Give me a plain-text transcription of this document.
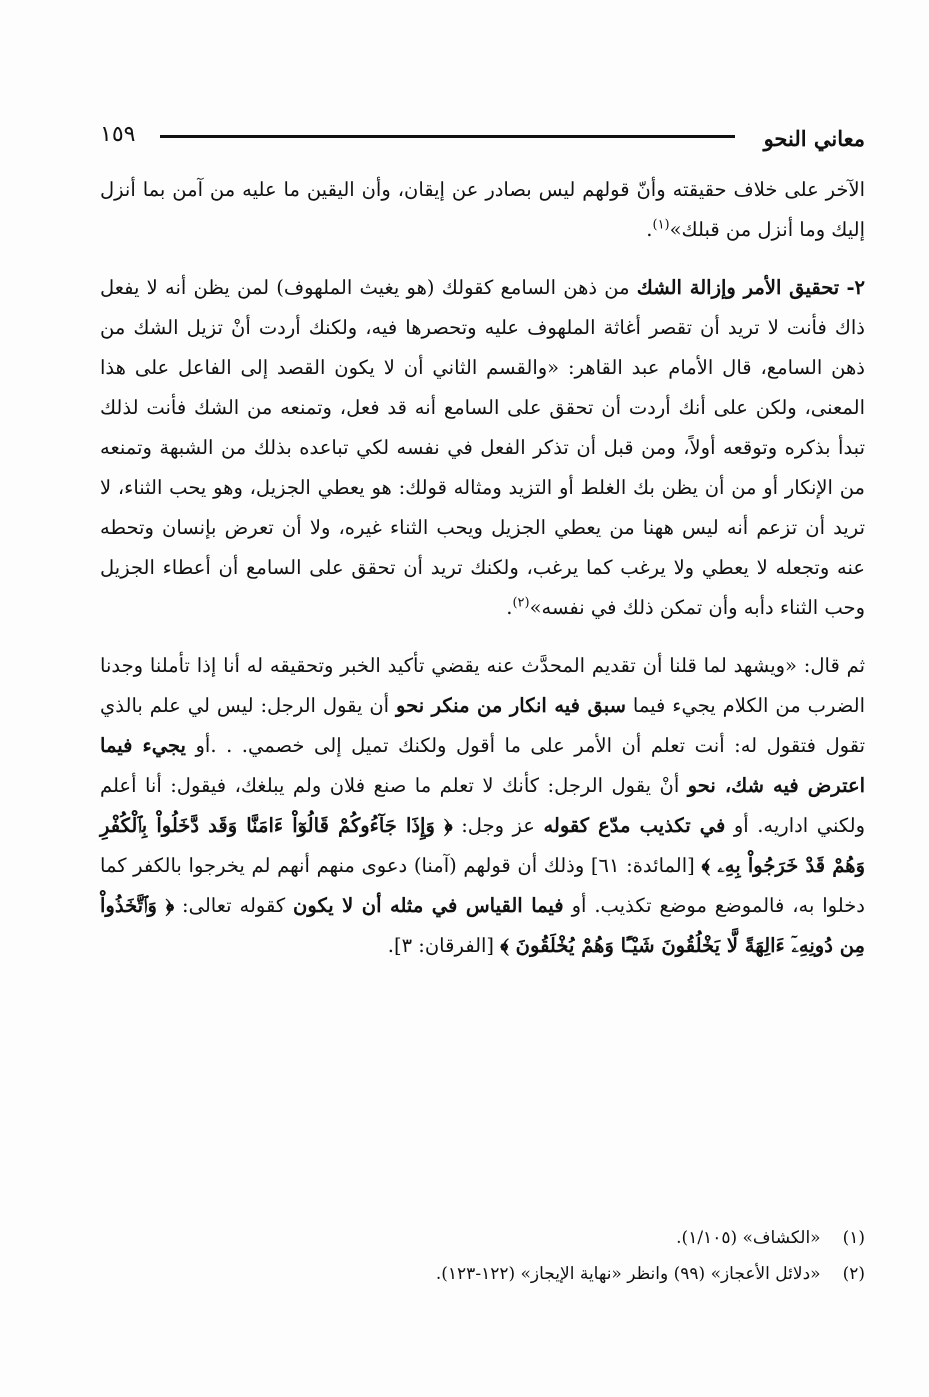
معاني النحو
١٥٩

الآخر على خلاف حقيقته وأنّ قولهم ليس بصادر عن إيقان، وأن اليقين ما عليه من آمن بما أنزل إليك وما أنزل من قبلك»$^{(١)}$.

٢- تحقيق الأمر وإزالة الشك من ذهن السامع كقولك (هو يغيث الملهوف) لمن يظن أنه لا يفعل ذاك فأنت لا تريد أن تقصر أغاثة الملهوف عليه وتحصرها فيه، ولكنك أردت أنْ تزيل الشك من ذهن السامع، قال الأمام عبد القاهر: «والقسم الثاني أن لا يكون القصد إلى الفاعل على هذا المعنى، ولكن على أنك أردت أن تحقق على السامع أنه قد فعل، وتمنعه من الشك فأنت لذلك تبدأ بذكره وتوقعه أولاً، ومن قبل أن تذكر الفعل في نفسه لكي تباعده بذلك من الشبهة وتمنعه من الإنكار أو من أن يظن بك الغلط أو التزيد ومثاله قولك: هو يعطي الجزيل، وهو يحب الثناء، لا تريد أن تزعم أنه ليس ههنا من يعطي الجزيل ويحب الثناء غيره، ولا أن تعرض بإنسان وتحطه عنه وتجعله لا يعطي ولا يرغب كما يرغب، ولكنك تريد أن تحقق على السامع أن أعطاء الجزيل وحب الثناء دأبه وأن تمكن ذلك في نفسه»$^{(٢)}$.

ثم قال: «ويشهد لما قلنا أن تقديم المحدَّث عنه يقضي تأكيد الخبر وتحقيقه له أنا إذا تأملنا وجدنا الضرب من الكلام يجيء فيما سبق فيه انكار من منكر نحو أن يقول الرجل: ليس لي علم بالذي تقول فتقول له: أنت تعلم أن الأمر على ما أقول ولكنك تميل إلى خصمي. . .أو يجيء فيما اعترض فيه شك، نحو أنْ يقول الرجل: كأنك لا تعلم ما صنع فلان ولم يبلغك، فيقول: أنا أعلم ولكني اداريه. أو في تكذيب مدّع كقوله عز وجل: ﴿ وَإِذَا جَآءُوكُمْ قَالُوٓاْ ءَامَنَّا وَقَد دَّخَلُواْ بِٱلْكُفْرِ وَهُمْ قَدْ خَرَجُواْ بِهِۦ ﴾ [المائدة: ٦١] وذلك أن قولهم (آمنا) دعوى منهم أنهم لم يخرجوا بالكفر كما دخلوا به، فالموضع موضع تكذيب. أو فيما القياس في مثله أن لا يكون كقوله تعالى: ﴿ وَٱتَّخَذُواْ مِن دُونِهِۦٓ ءَالِهَةً لَّا يَخْلُقُونَ شَيْـًٔا وَهُمْ يُخْلَقُونَ ﴾ [الفرقان: ٣].

(١)
«الكشاف» (١/١٠٥).
(٢)
«دلائل الأعجاز» (٩٩) وانظر «نهاية الإيجاز» (١٢٢-١٢٣).
